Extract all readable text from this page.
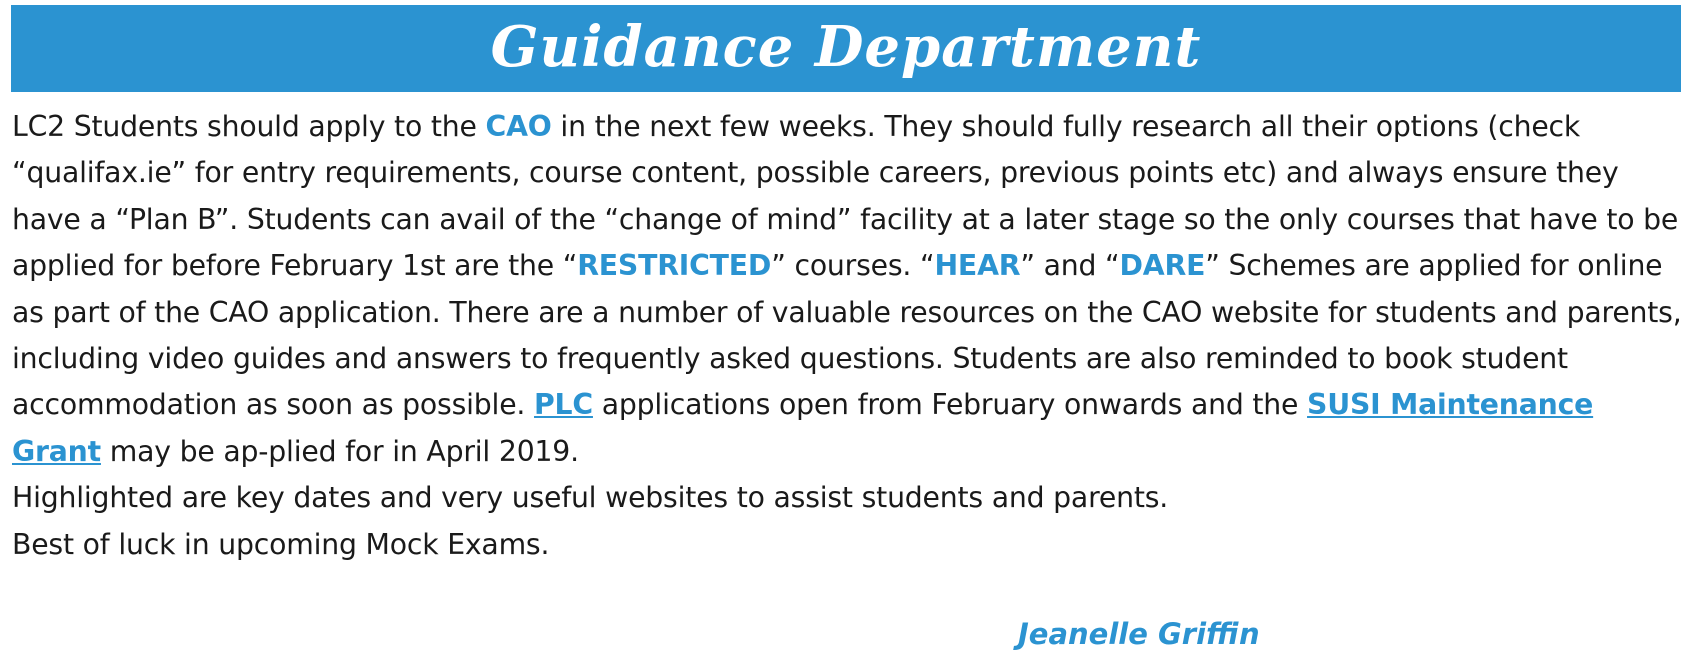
Guidance Department

LC2 Students should apply to the CAO in the next few weeks. They should fully research all their options (check “qualifax.ie” for entry requirements, course content, possible careers, previous points etc) and always ensure they have a “Plan B”. Students can avail of the “change of mind” facility at a later stage so the only courses that have to be applied for before February 1st are the “RESTRICTED” courses. “HEAR” and “DARE” Schemes are applied for online as part of the CAO application. There are a number of valuable resources on the CAO website for students and parents, including video guides and answers to frequently asked questions. Students are also reminded to book student accommodation as soon as possible. PLC applications open from February onwards and the SUSI Maintenance Grant may be ap-plied for in April 2019.

Highlighted are key dates and very useful websites to assist students and parents.

Best of luck in upcoming Mock Exams.

Jeanelle Griffin
